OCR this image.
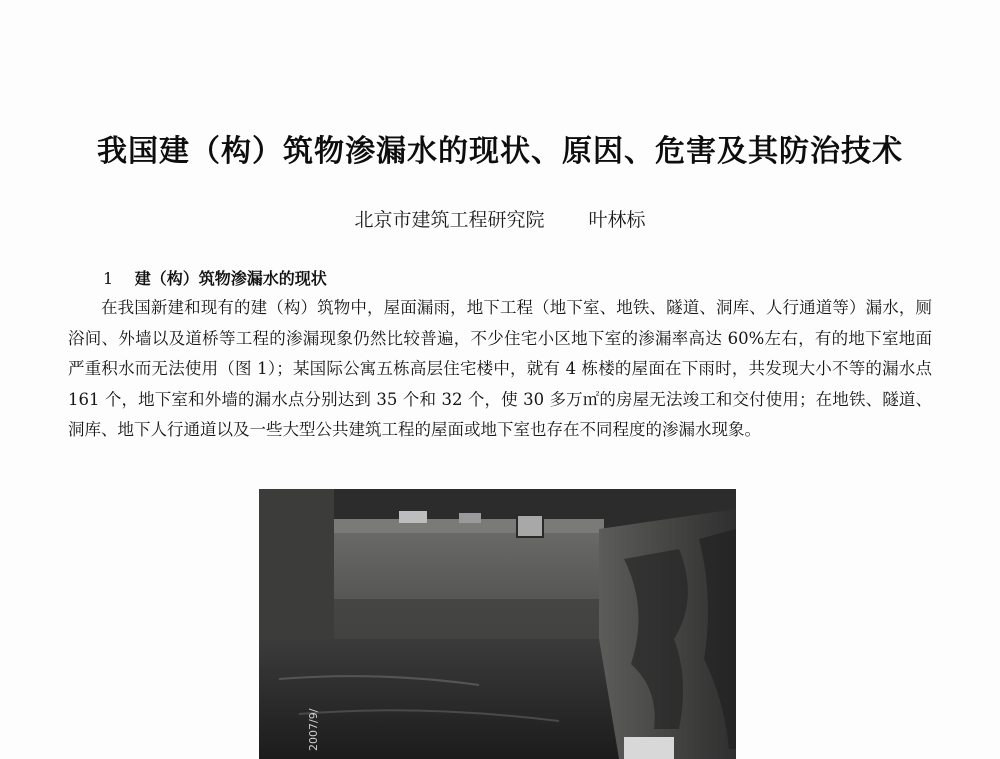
我国建（构）筑物渗漏水的现状、原因、危害及其防治技术
北京市建筑工程研究院 叶林标
1 建（构）筑物渗漏水的现状

在我国新建和现有的建（构）筑物中，屋面漏雨，地下工程（地下室、地铁、隧道、洞库、人行通道等）漏水，厕浴间、外墙以及道桥等工程的渗漏现象仍然比较普遍，不少住宅小区地下室的渗漏率高达 60%左右，有的地下室地面严重积水而无法使用（图 1）；某国际公寓五栋高层住宅楼中，就有 4 栋楼的屋面在下雨时，共发现大小不等的漏水点 161 个，地下室和外墙的漏水点分别达到 35 个和 32 个，使 30 多万㎡的房屋无法竣工和交付使用；在地铁、隧道、洞库、地下人行通道以及一些大型公共建筑工程的屋面或地下室也存在不同程度的渗漏水现象。

2007/9/
